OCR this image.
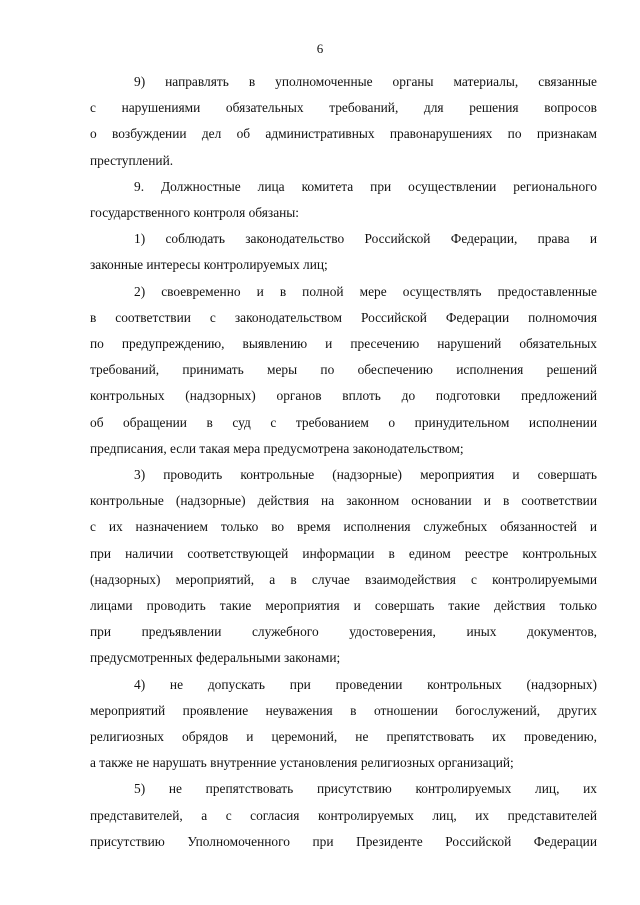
6
9) направлять в уполномоченные органы материалы, связанные
с нарушениями обязательных требований, для решения вопросов
о возбуждении дел об административных правонарушениях по признакам
преступлений.
9. Должностные лица комитета при осуществлении регионального
государственного контроля обязаны:
1) соблюдать законодательство Российской Федерации, права и
законные интересы контролируемых лиц;
2) своевременно и в полной мере осуществлять предоставленные
в соответствии с законодательством Российской Федерации полномочия
по предупреждению, выявлению и пресечению нарушений обязательных
требований, принимать меры по обеспечению исполнения решений
контрольных (надзорных) органов вплоть до подготовки предложений
об обращении в суд с требованием о принудительном исполнении
предписания, если такая мера предусмотрена законодательством;
3) проводить контрольные (надзорные) мероприятия и совершать
контрольные (надзорные) действия на законном основании и в соответствии
с их назначением только во время исполнения служебных обязанностей и
при наличии соответствующей информации в едином реестре контрольных
(надзорных) мероприятий, а в случае взаимодействия с контролируемыми
лицами проводить такие мероприятия и совершать такие действия только
при предъявлении служебного удостоверения, иных документов,
предусмотренных федеральными законами;
4) не допускать при проведении контрольных (надзорных)
мероприятий проявление неуважения в отношении богослужений, других
религиозных обрядов и церемоний, не препятствовать их проведению,
а также не нарушать внутренние установления религиозных организаций;
5) не препятствовать присутствию контролируемых лиц, их
представителей, а с согласия контролируемых лиц, их представителей
присутствию Уполномоченного при Президенте Российской Федерации
